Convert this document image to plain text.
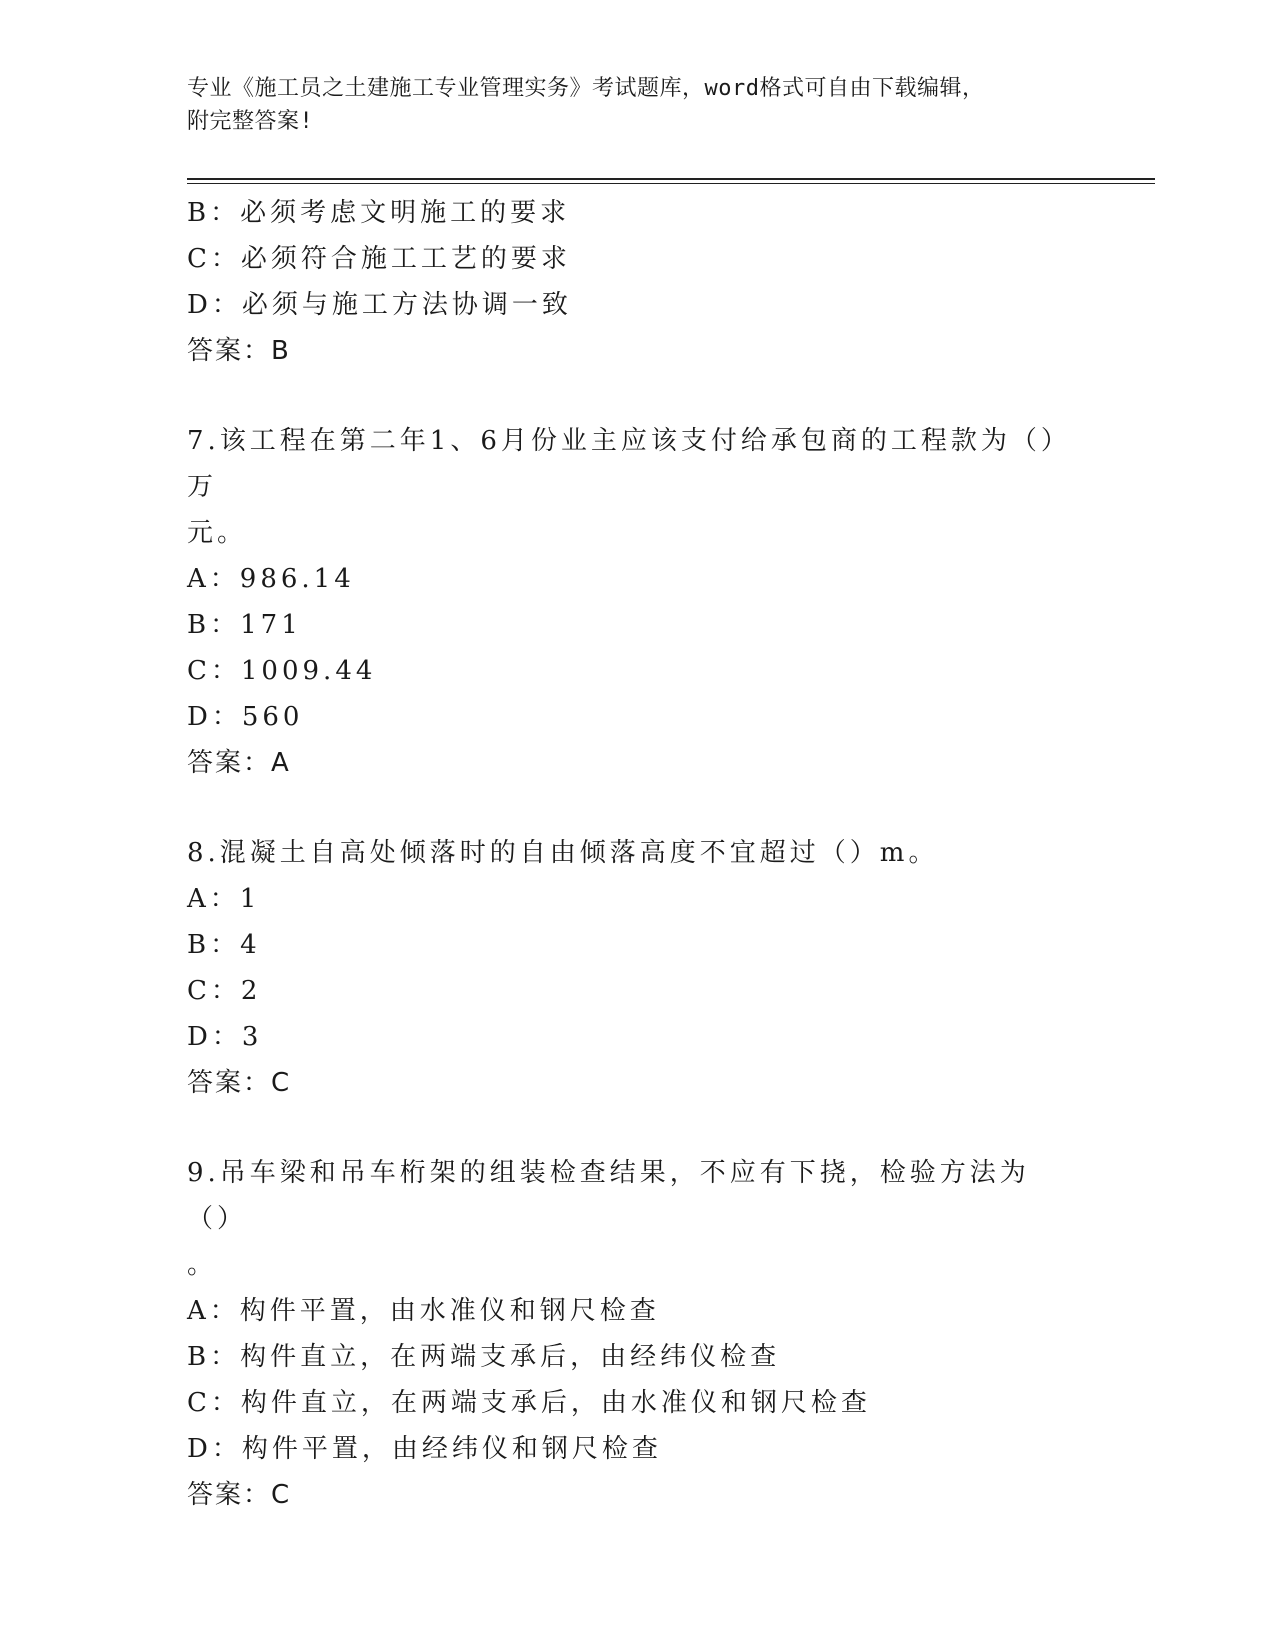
专业《施工员之土建施工专业管理实务》考试题库，word格式可自由下载编辑，
附完整答案!
B：必须考虑文明施工的要求
C：必须符合施工工艺的要求
D：必须与施工方法协调一致
答案：B
7.该工程在第二年1、6月份业主应该支付给承包商的工程款为（）万
元。
A：986.14
B：171
C：1009.44
D：560
答案：A
8.混凝土自高处倾落时的自由倾落高度不宜超过（）m。
A：1
B：4
C：2
D：3
答案：C
9.吊车梁和吊车桁架的组装检查结果，不应有下挠，检验方法为（）
。
A：构件平置，由水准仪和钢尺检查
B：构件直立，在两端支承后，由经纬仪检查
C：构件直立，在两端支承后，由水准仪和钢尺检查
D：构件平置，由经纬仪和钢尺检查
答案：C
